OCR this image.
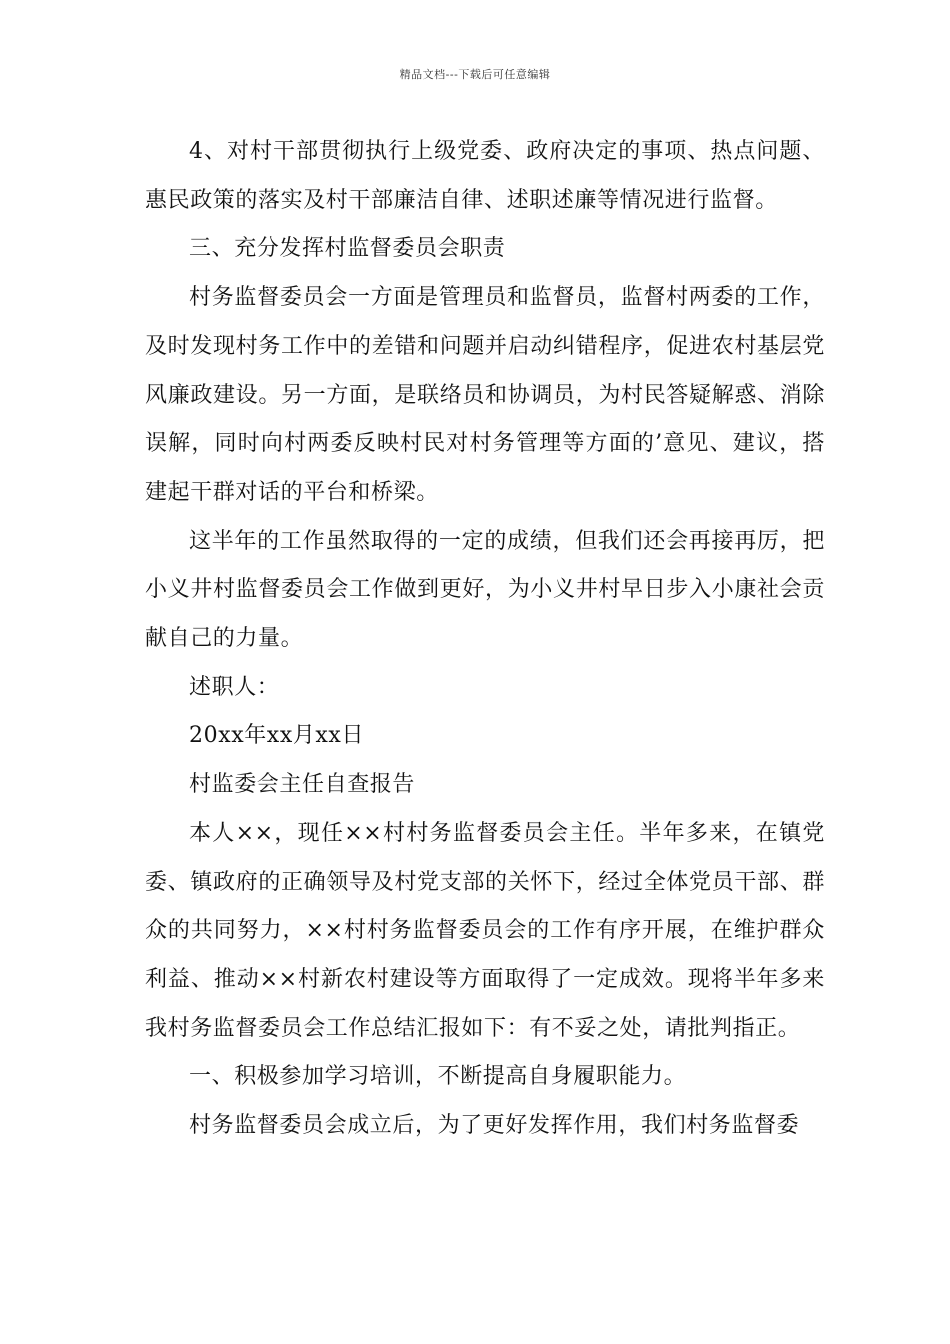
精品文档---下载后可任意编辑

4、对村干部贯彻执行上级党委、政府决定的事项、热点问题、惠民政策的落实及村干部廉洁自律、述职述廉等情况进行监督。

三、充分发挥村监督委员会职责

村务监督委员会一方面是管理员和监督员，监督村两委的工作，及时发现村务工作中的差错和问题并启动纠错程序，促进农村基层党风廉政建设。另一方面，是联络员和协调员，为村民答疑解惑、消除误解，同时向村两委反映村民对村务管理等方面的’意见、建议，搭建起干群对话的平台和桥梁。

这半年的工作虽然取得的一定的成绩，但我们还会再接再厉，把小义井村监督委员会工作做到更好，为小义井村早日步入小康社会贡献自己的力量。

述职人：

20xx年xx月xx日

村监委会主任自查报告

本人××，现任××村村务监督委员会主任。半年多来，在镇党委、镇政府的正确领导及村党支部的关怀下，经过全体党员干部、群众的共同努力，××村村务监督委员会的工作有序开展，在维护群众利益、推动××村新农村建设等方面取得了一定成效。现将半年多来我村务监督委员会工作总结汇报如下：有不妥之处，请批判指正。

一、积极参加学习培训，不断提高自身履职能力。

村务监督委员会成立后，为了更好发挥作用，我们村务监督委
